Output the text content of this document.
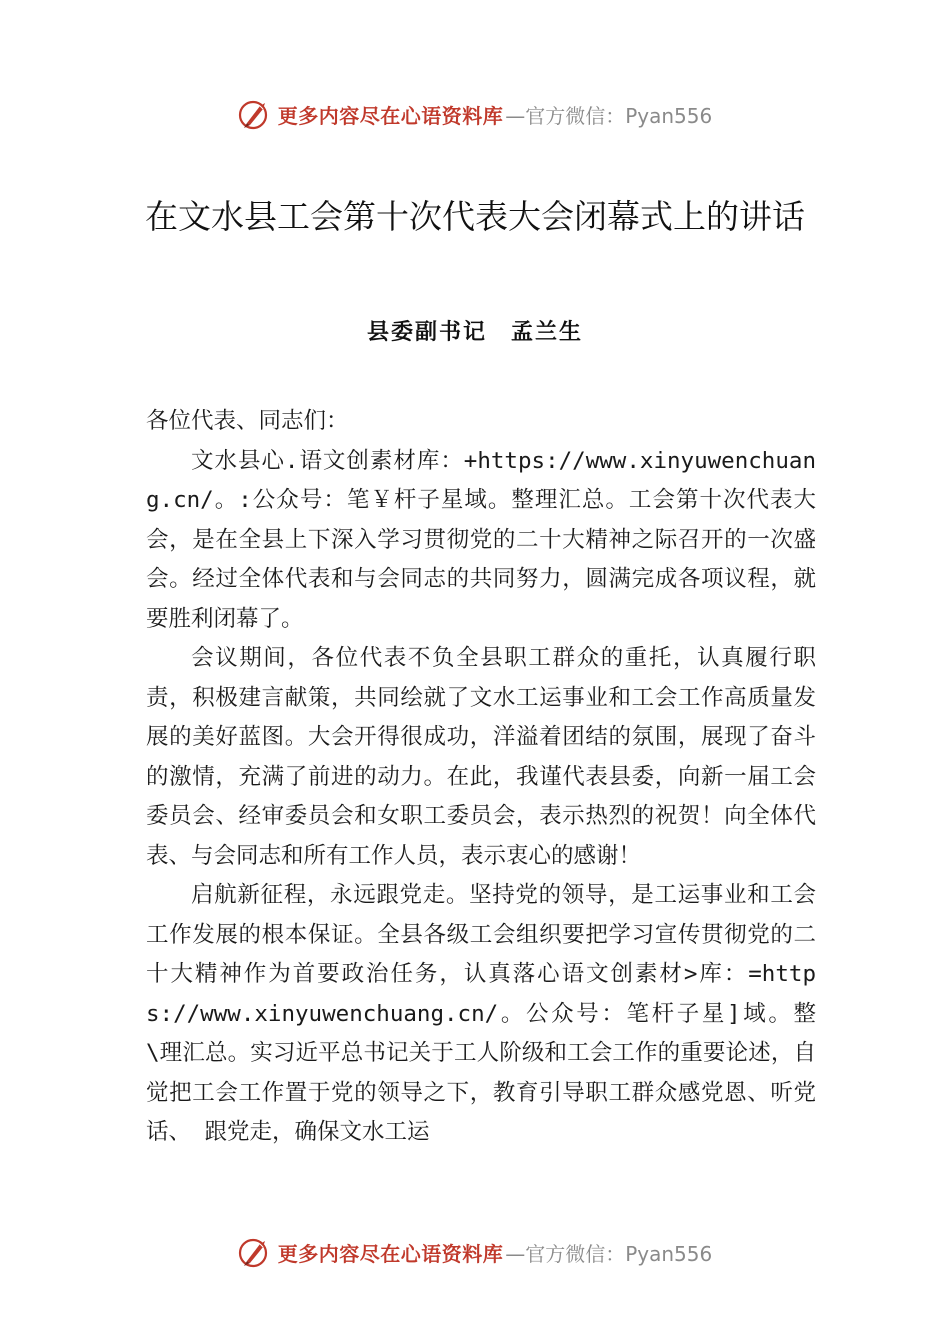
更多内容尽在心语资料库 —官方微信：Pyan556
在文水县工会第十次代表大会闭幕式上的讲话
县委副书记　孟兰生

各位代表、同志们：

文水县心.语文创素材库：+https://www.xinyuwenchuang.cn/。:公众号：笔￥杆子星域。整理汇总。工会第十次代表大会，是在全县上下深入学习贯彻党的二十大精神之际召开的一次盛会。经过全体代表和与会同志的共同努力，圆满完成各项议程，就要胜利闭幕了。

会议期间，各位代表不负全县职工群众的重托，认真履行职责，积极建言献策，共同绘就了文水工运事业和工会工作高质量发展的美好蓝图。大会开得很成功，洋溢着团结的氛围，展现了奋斗的激情，充满了前进的动力。在此，我谨代表县委，向新一届工会委员会、经审委员会和女职工委员会，表示热烈的祝贺！向全体代表、与会同志和所有工作人员，表示衷心的感谢！

启航新征程，永远跟党走。坚持党的领导，是工运事业和工会工作发展的根本保证。全县各级工会组织要把学习宣传贯彻党的二十大精神作为首要政治任务，认真落心语文创素材>库：=https://www.xinyuwenchuang.cn/。公众号：笔杆子星]域。整\理汇总。实习近平总书记关于工人阶级和工会工作的重要论述，自觉把工会工作置于党的领导之下，教育引导职工群众感党恩、听党话、 跟党走，确保文水工运

更多内容尽在心语资料库 —官方微信：Pyan556
